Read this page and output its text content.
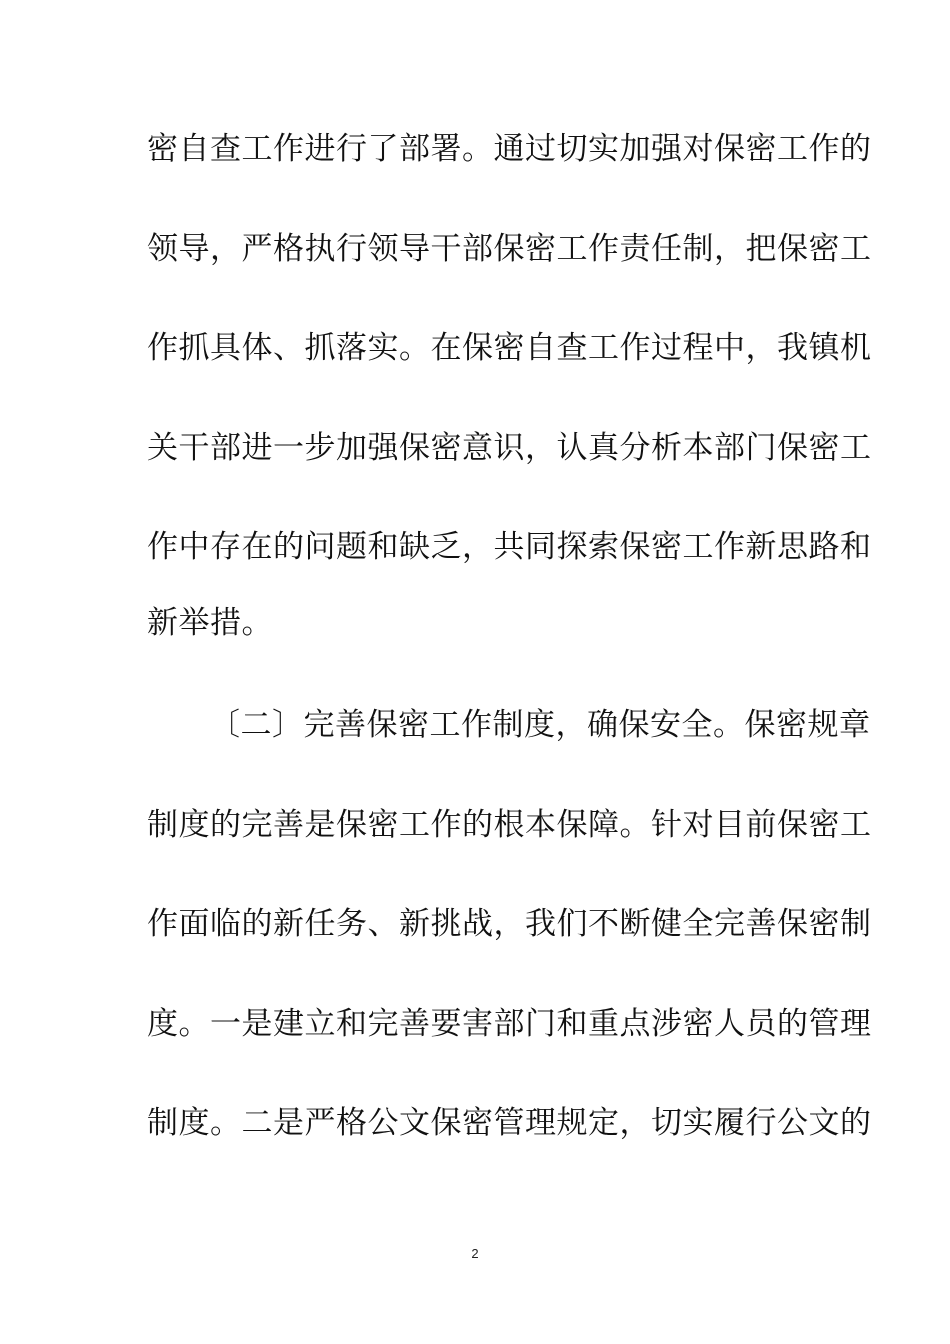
密自查工作进行了部署。通过切实加强对保密工作的
领导，严格执行领导干部保密工作责任制，把保密工
作抓具体、抓落实。在保密自查工作过程中，我镇机
关干部进一步加强保密意识，认真分析本部门保密工
作中存在的问题和缺乏，共同探索保密工作新思路和
新举措。
〔二〕完善保密工作制度，确保安全。保密规章
制度的完善是保密工作的根本保障。针对目前保密工
作面临的新任务、新挑战，我们不断健全完善保密制
度。一是建立和完善要害部门和重点涉密人员的管理
制度。二是严格公文保密管理规定，切实履行公文的
2
